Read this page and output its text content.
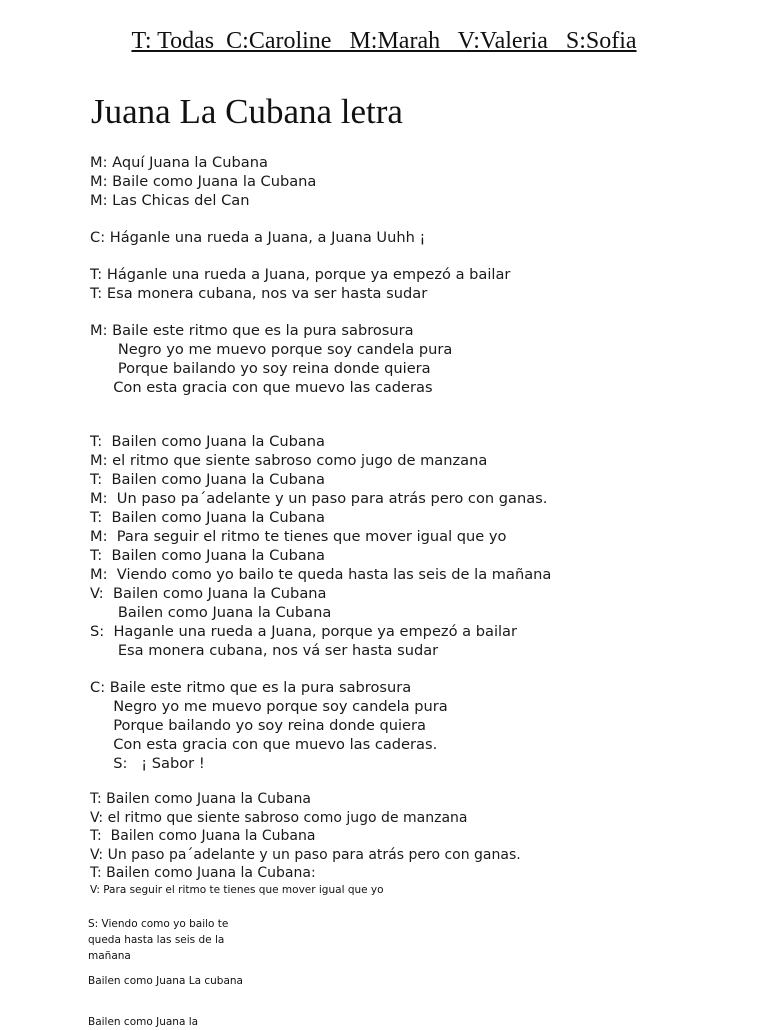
T: Todas  C:Caroline   M:Marah   V:Valeria   S:Sofia
Juana La Cubana letra
M: Aquí Juana la Cubana
M: Baile como Juana la Cubana
M: Las Chicas del Can
C: Háganle una rueda a Juana, a Juana Uuhh ¡
T: Háganle una rueda a Juana, porque ya empezó a bailar
T: Esa monera cubana, nos va ser hasta sudar
M: Baile este ritmo que es la pura sabrosura
Negro yo me muevo porque soy candela pura
Porque bailando yo soy reina donde quiera
Con esta gracia con que muevo las caderas
T:  Bailen como Juana la Cubana
M: el ritmo que siente sabroso como jugo de manzana
T:  Bailen como Juana la Cubana
M:  Un paso pa´adelante y un paso para atrás pero con ganas.
T:  Bailen como Juana la Cubana
M:  Para seguir el ritmo te tienes que mover igual que yo
T:  Bailen como Juana la Cubana
M:  Viendo como yo bailo te queda hasta las seis de la mañana
V:  Bailen como Juana la Cubana
Bailen como Juana la Cubana
S:  Haganle una rueda a Juana, porque ya empezó a bailar
Esa monera cubana, nos vá ser hasta sudar
C: Baile este ritmo que es la pura sabrosura
Negro yo me muevo porque soy candela pura
Porque bailando yo soy reina donde quiera
Con esta gracia con que muevo las caderas.
S:   ¡ Sabor !
T: Bailen como Juana la Cubana
V: el ritmo que siente sabroso como jugo de manzana
T:  Bailen como Juana la Cubana
V: Un paso pa´adelante y un paso para atrás pero con ganas.
T: Bailen como Juana la Cubana:
V: Para seguir el ritmo te tienes que mover igual que yo
S: Viendo como yo bailo te queda hasta las seis de la mañana
Bailen como Juana La cubana
Bailen como Juana la
